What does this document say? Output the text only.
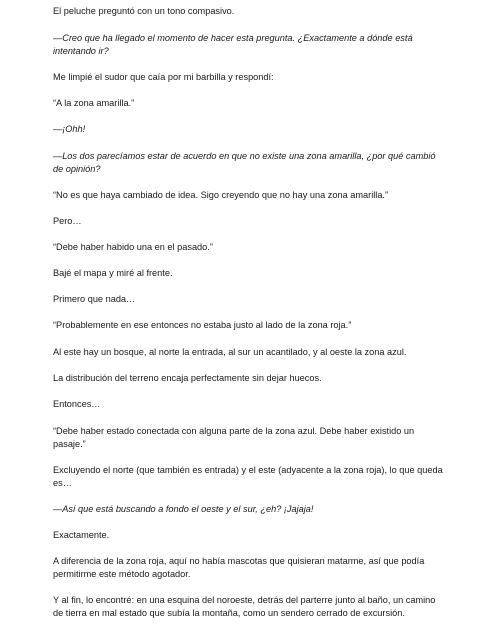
El peluche preguntó con un tono compasivo.

—Creo que ha llegado el momento de hacer esta pregunta. ¿Exactamente a dónde está intentando ir?

Me limpié el sudor que caía por mi barbilla y respondí:

“A la zona amarilla.”

—¡Ohh!

—Los dos parecíamos estar de acuerdo en que no existe una zona amarilla, ¿por qué cambió de opinión?

“No es que haya cambiado de idea. Sigo creyendo que no hay una zona amarilla.”

Pero…

“Debe haber habido una en el pasado.”

Bajé el mapa y miré al frente.

Primero que nada…

“Probablemente en ese entonces no estaba justo al lado de la zona roja.”

Al este hay un bosque, al norte la entrada, al sur un acantilado, y al oeste la zona azul.

La distribución del terreno encaja perfectamente sin dejar huecos.

Entonces…

“Debe haber estado conectada con alguna parte de la zona azul. Debe haber existido un pasaje.”

Excluyendo el norte (que también es entrada) y el este (adyacente a la zona roja), lo que queda es…

—Así que está buscando a fondo el oeste y el sur, ¿eh? ¡Jajaja!

Exactamente.

A diferencia de la zona roja, aquí no había mascotas que quisieran matarme, así que podía permitirme este método agotador.

Y al fin, lo encontré: en una esquina del noroeste, detrás del parterre junto al baño, un camino de tierra en mal estado que subía la montaña, como un sendero cerrado de excursión.
